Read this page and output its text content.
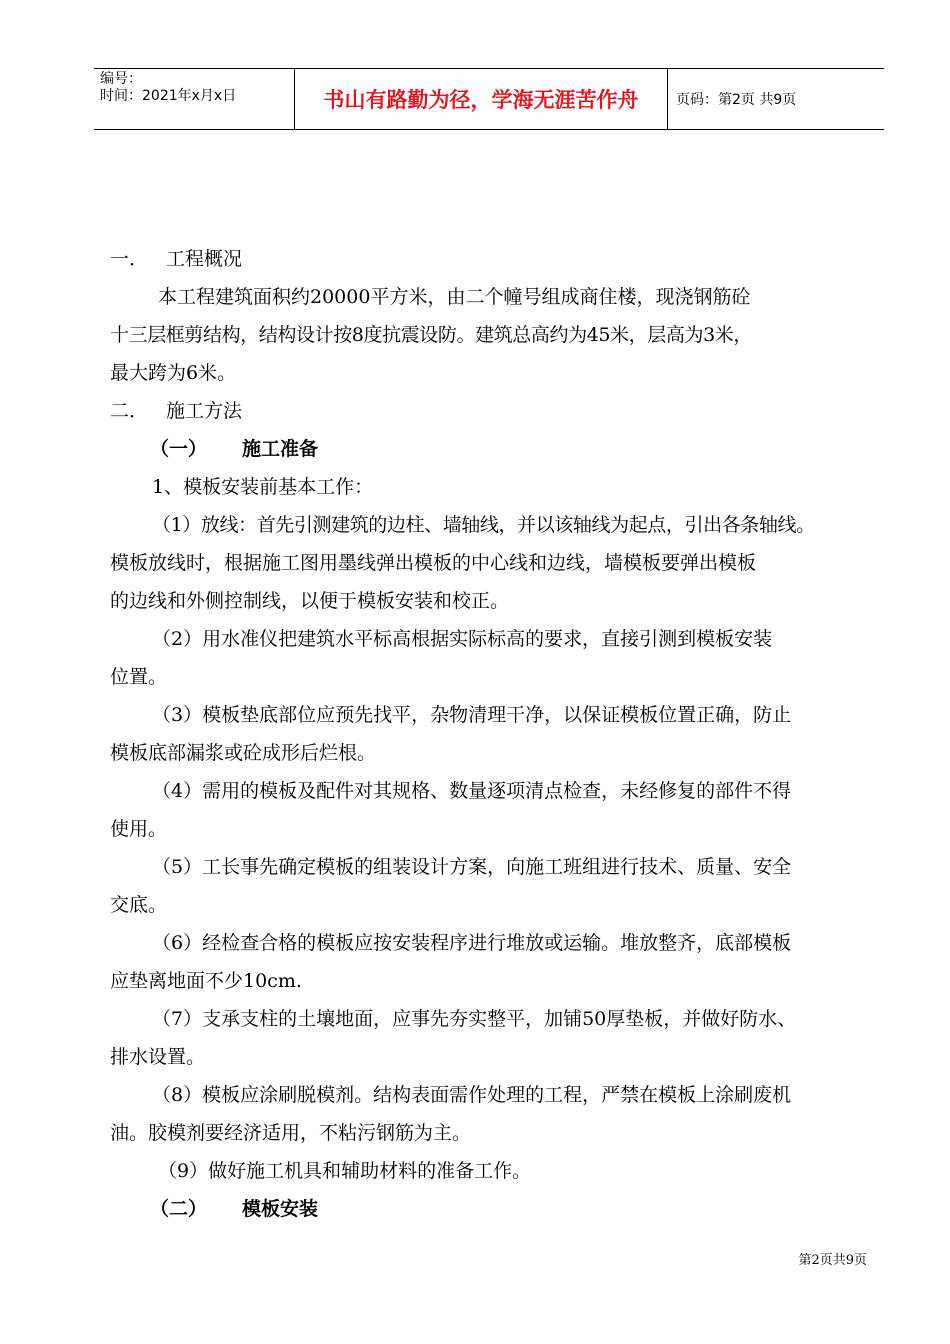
编号：
时间：2021年x月x日	书山有路勤为径，学海无涯苦作舟	页码：第2页 共9页

一． 工程概况

本工程建筑面积约20000平方米，由二个幢号组成商住楼，现浇钢筋砼

十三层框剪结构，结构设计按8度抗震设防。建筑总高约为45米，层高为3米，

最大跨为6米。

二． 施工方法

（一） 施工准备

1、模板安装前基本工作：

（1）放线：首先引测建筑的边柱、墙轴线，并以该轴线为起点，引出各条轴线。

模板放线时，根据施工图用墨线弹出模板的中心线和边线，墙模板要弹出模板

的边线和外侧控制线，以便于模板安装和校正。

（2）用水准仪把建筑水平标高根据实际标高的要求，直接引测到模板安装

位置。

（3）模板垫底部位应预先找平，杂物清理干净，以保证模板位置正确，防止

模板底部漏浆或砼成形后烂根。

（4）需用的模板及配件对其规格、数量逐项清点检查，未经修复的部件不得

使用。

（5）工长事先确定模板的组装设计方案，向施工班组进行技术、质量、安全

交底。

（6）经检查合格的模板应按安装程序进行堆放或运输。堆放整齐，底部模板

应垫离地面不少10cm.

（7）支承支柱的土壤地面，应事先夯实整平，加铺50厚垫板，并做好防水、

排水设置。

（8）模板应涂刷脱模剂。结构表面需作处理的工程，严禁在模板上涂刷废机

油。胶模剂要经济适用，不粘污钢筋为主。

（9）做好施工机具和辅助材料的准备工作。

（二） 模板安装

第2页共9页
